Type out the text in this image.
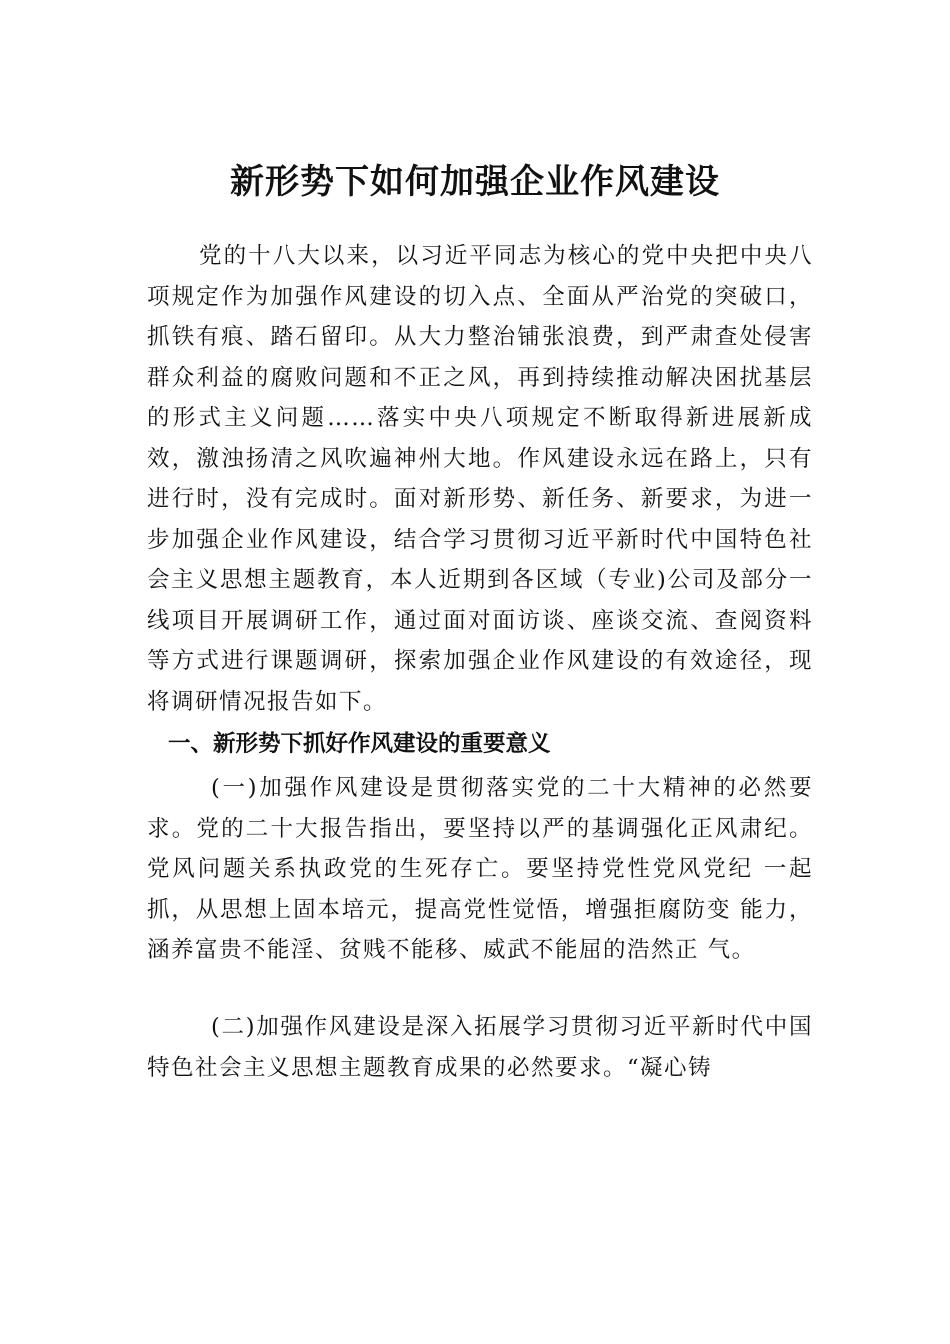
新形势下如何加强企业作风建设

党的十八大以来，以习近平同志为核心的党中央把中央八项规定作为加强作风建设的切入点、全面从严治党的突破口，抓铁有痕、踏石留印。从大力整治铺张浪费，到严肃查处侵害群众利益的腐败问题和不正之风，再到持续推动解决困扰基层的形式主义问题……落实中央八项规定不断取得新进展新成效，激浊扬清之风吹遍神州大地。作风建设永远在路上，只有进行时，没有完成时。面对新形势、新任务、新要求，为进一步加强企业作风建设，结合学习贯彻习近平新时代中国特色社会主义思想主题教育，本人近期到各区域（专业)公司及部分一线项目开展调研工作，通过面对面访谈、座谈交流、查阅资料等方式进行课题调研，探索加强企业作风建设的有效途径，现将调研情况报告如下。

一、新形势下抓好作风建设的重要意义

(一)加强作风建设是贯彻落实党的二十大精神的必然要求。党的二十大报告指出，要坚持以严的基调强化正风肃纪。党风问题关系执政党的生死存亡。要坚持党性党风党纪 一起抓，从思想上固本培元，提高党性觉悟，增强拒腐防变 能力，涵养富贵不能淫、贫贱不能移、威武不能屈的浩然正 气。

(二)加强作风建设是深入拓展学习贯彻习近平新时代中国特色社会主义思想主题教育成果的必然要求。“凝心铸
